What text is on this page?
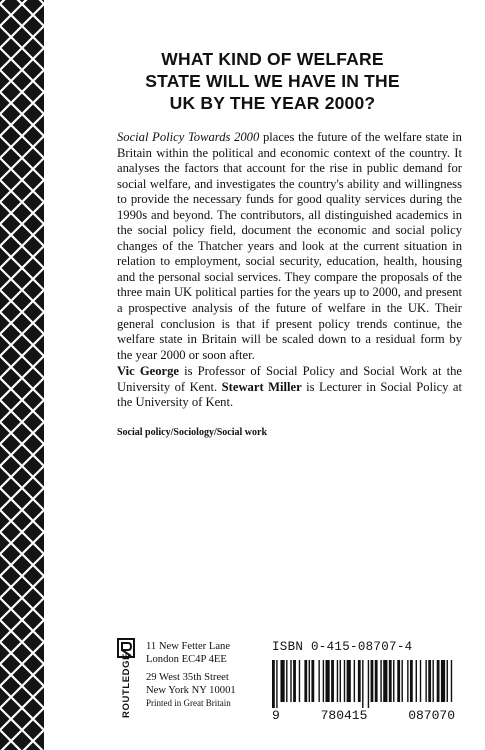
WHAT KIND OF WELFARE
STATE WILL WE HAVE IN THE
UK BY THE YEAR 2000?

Social Policy Towards 2000 places the future of the welfare state in Britain within the political and economic context of the country. It analyses the factors that account for the rise in public demand for social welfare, and investigates the country's ability and willingness to provide the necessary funds for good quality services during the 1990s and beyond. The contributors, all distinguished academics in the social policy field, document the economic and social policy changes of the Thatcher years and look at the current situation in relation to employment, social security, education, health, housing and the personal social services. They compare the proposals of the three main UK political parties for the years up to 2000, and present a prospective analysis of the future of welfare in the UK. Their general conclusion is that if present policy trends continue, the welfare state in Britain will be scaled down to a residual form by the year 2000 or soon after.

Vic George is Professor of Social Policy and Social Work at the University of Kent. Stewart Miller is Lecturer in Social Policy at the University of Kent.

Social policy/Sociology/Social work

ROUTLEDGE
11 New Fetter Lane
London EC4P 4EE
29 West 35th Street
New York NY 10001
Printed in Great Britain
ISBN 0-415-08707-4
9	780415	087070
